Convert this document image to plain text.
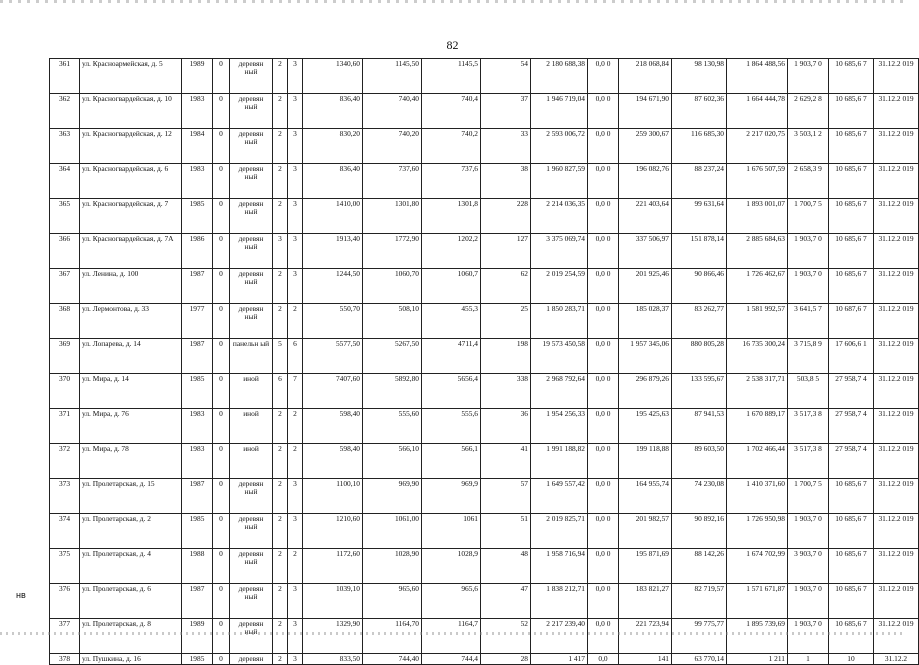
82
361	ул. Красноармейская, д. 5	1989	0	деревян ный	2	3	1340,60	1145,50	1145,5	54	2 180 688,38	0,0 0	218 068,84	98 130,98	1 864 488,56	1 903,7 0	10 685,6 7	31.12.2 019
362	ул. Красногвардейская, д. 10	1983	0	деревян ный	2	3	836,40	740,40	740,4	37	1 946 719,04	0,0 0	194 671,90	87 602,36	1 664 444,78	2 629,2 8	10 685,6 7	31.12.2 019
363	ул. Красногвардейская, д. 12	1984	0	деревян ный	2	3	830,20	740,20	740,2	33	2 593 006,72	0,0 0	259 300,67	116 685,30	2 217 020,75	3 503,1 2	10 685,6 7	31.12.2 019
364	ул. Красногвардейская, д. 6	1983	0	деревян ный	2	3	836,40	737,60	737,6	38	1 960 827,59	0,0 0	196 082,76	88 237,24	1 676 507,59	2 658,3 9	10 685,6 7	31.12.2 019
365	ул. Красногвардейская, д. 7	1985	0	деревян ный	2	3	1410,00	1301,80	1301,8	228	2 214 036,35	0,0 0	221 403,64	99 631,64	1 893 001,07	1 700,7 5	10 685,6 7	31.12.2 019
366	ул. Красногвардейская, д. 7А	1986	0	деревян ный	3	3	1913,40	1772,90	1202,2	127	3 375 069,74	0,0 0	337 506,97	151 878,14	2 885 684,63	1 903,7 0	10 685,6 7	31.12.2 019
367	ул. Ленина, д. 100	1987	0	деревян ный	2	3	1244,50	1060,70	1060,7	62	2 019 254,59	0,0 0	201 925,46	90 866,46	1 726 462,67	1 903,7 0	10 685,6 7	31.12.2 019
368	ул. Лермонтова, д. 33	1977	0	деревян ный	2	2	550,70	508,10	455,3	25	1 850 283,71	0,0 0	185 028,37	83 262,77	1 581 992,57	3 641,5 7	10 687,6 7	31.12.2 019
369	ул. Лопарева, д. 14	1987	0	панельн ый	5	6	5577,50	5267,50	4711,4	198	19 573 450,58	0,0 0	1 957 345,06	880 805,28	16 735 300,24	3 715,8 9	17 606,6 1	31.12.2 019
370	ул. Мира, д. 14	1985	0	иной	6	7	7407,60	5892,80	5656,4	338	2 968 792,64	0,0 0	296 879,26	133 595,67	2 538 317,71	503,8 5	27 958,7 4	31.12.2 019
371	ул. Мира, д. 76	1983	0	иной	2	2	598,40	555,60	555,6	36	1 954 256,33	0,0 0	195 425,63	87 941,53	1 670 889,17	3 517,3 8	27 958,7 4	31.12.2 019
372	ул. Мира, д. 78	1983	0	иной	2	2	598,40	566,10	566,1	41	1 991 188,82	0,0 0	199 118,88	89 603,50	1 702 466,44	3 517,3 8	27 958,7 4	31.12.2 019
373	ул. Пролетарская, д. 15	1987	0	деревян ный	2	3	1100,10	969,90	969,9	57	1 649 557,42	0,0 0	164 955,74	74 230,08	1 410 371,60	1 700,7 5	10 685,6 7	31.12.2 019
374	ул. Пролетарская, д. 2	1985	0	деревян ный	2	3	1210,60	1061,00	1061	51	2 019 825,71	0,0 0	201 982,57	90 892,16	1 726 950,98	1 903,7 0	10 685,6 7	31.12.2 019
375	ул. Пролетарская, д. 4	1988	0	деревян ный	2	2	1172,60	1028,90	1028,9	48	1 958 716,94	0,0 0	195 871,69	88 142,26	1 674 702,99	3 903,7 0	10 685,6 7	31.12.2 019
376	ул. Пролетарская, д. 6	1987	0	деревян ный	2	3	1039,10	965,60	965,6	47	1 838 212,71	0,0 0	183 821,27	82 719,57	1 571 671,87	1 903,7 0	10 685,6 7	31.12.2 019
377	ул. Пролетарская, д. 8	1989	0	деревян ный	2	3	1329,90	1164,70	1164,7	52	2 217 239,40	0,0 0	221 723,94	99 775,77	1 895 739,69	1 903,7 0	10 685,6 7	31.12.2 019
378	ул. Пушкина, д. 16	1985	0	деревян	2	3	833,50	744,40	744,4	28	1 417	0,0	141	63 770,14	1 211	1	10	31.12.2
нв
